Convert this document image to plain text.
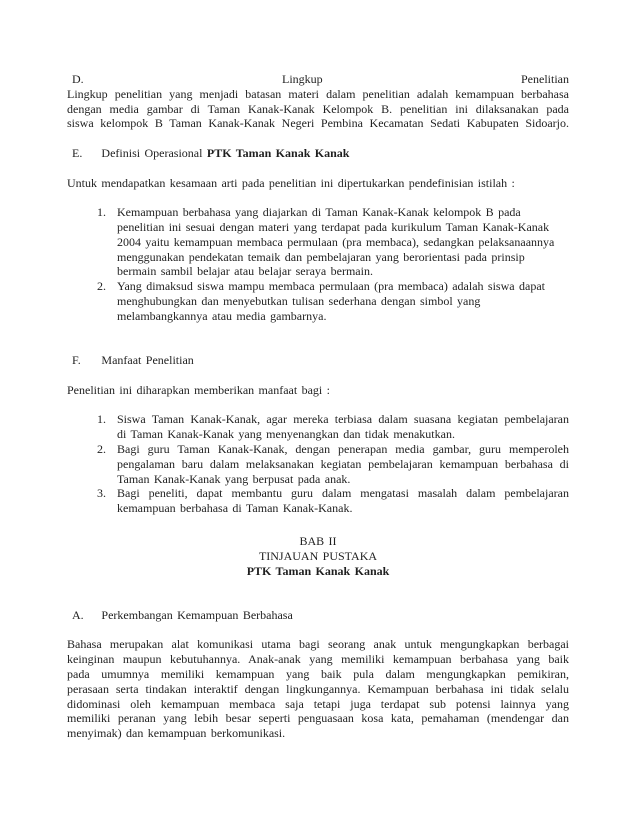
D.	Lingkup	Penelitian
Lingkup penelitian yang menjadi batasan materi dalam penelitian adalah kemampuan berbahasa
dengan media gambar di Taman Kanak-Kanak Kelompok B. penelitian ini dilaksanakan pada
siswa kelompok B Taman Kanak-Kanak Negeri Pembina Kecamatan Sedati Kabupaten Sidoarjo.
E. Definisi Operasional PTK Taman Kanak Kanak
Untuk mendapatkan kesamaan arti pada penelitian ini dipertukarkan pendefinisian istilah :
1. Kemampuan berbahasa yang diajarkan di Taman Kanak-Kanak kelompok B pada
penelitian ini sesuai dengan materi yang terdapat pada kurikulum Taman Kanak-Kanak
2004 yaitu kemampuan membaca permulaan (pra membaca), sedangkan pelaksanaannya
menggunakan pendekatan temaik dan pembelajaran yang berorientasi pada prinsip
bermain sambil belajar atau belajar seraya bermain.
2. Yang dimaksud siswa mampu membaca permulaan (pra membaca) adalah siswa dapat
menghubungkan dan menyebutkan tulisan sederhana dengan simbol yang
melambangkannya atau media gambarnya.
F. Manfaat Penelitian
Penelitian ini diharapkan memberikan manfaat bagi :
1. Siswa Taman Kanak-Kanak, agar mereka terbiasa dalam suasana kegiatan pembelajaran
di Taman Kanak-Kanak yang menyenangkan dan tidak menakutkan.
2. Bagi guru Taman Kanak-Kanak, dengan penerapan media gambar, guru memperoleh
pengalaman baru dalam melaksanakan kegiatan pembelajaran kemampuan berbahasa di
Taman Kanak-Kanak yang berpusat pada anak.
3. Bagi peneliti, dapat membantu guru dalam mengatasi masalah dalam pembelajaran
kemampuan berbahasa di Taman Kanak-Kanak.
BAB II
TINJAUAN PUSTAKA
PTK Taman Kanak Kanak
A. Perkembangan Kemampuan Berbahasa
Bahasa merupakan alat komunikasi utama bagi seorang anak untuk mengungkapkan berbagai
keinginan maupun kebutuhannya. Anak-anak yang memiliki kemampuan berbahasa yang baik
pada umumnya memiliki kemampuan yang baik pula dalam mengungkapkan pemikiran,
perasaan serta tindakan interaktif dengan lingkungannya. Kemampuan berbahasa ini tidak selalu
didominasi oleh kemampuan membaca saja tetapi juga terdapat sub potensi lainnya yang
memiliki peranan yang lebih besar seperti penguasaan kosa kata, pemahaman (mendengar dan
menyimak) dan kemampuan berkomunikasi.
